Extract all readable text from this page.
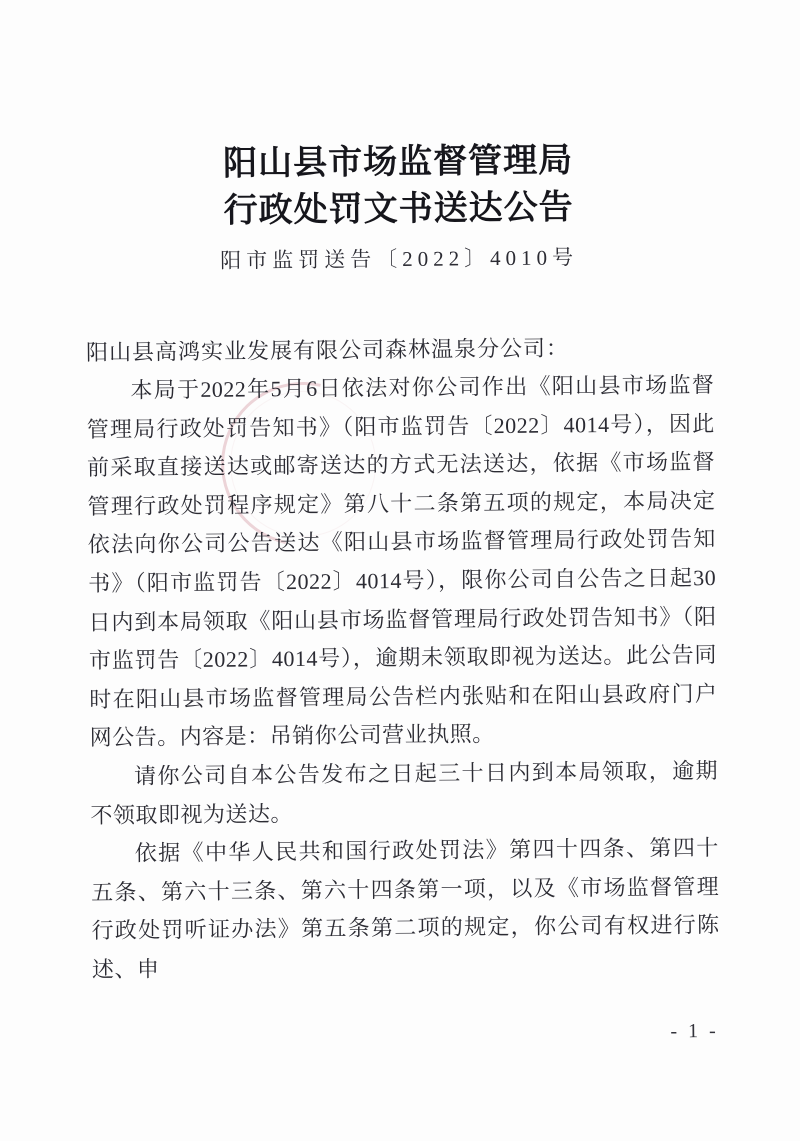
阳山县市场监督管理局
行政处罚文书送达公告
阳市监罚送告〔2022〕4010号
阳山县高鸿实业发展有限公司森林温泉分公司：

本局于2022年5月6日依法对你公司作出《阳山县市场监督管理局行政处罚告知书》（阳市监罚告〔2022〕4014号），因此前采取直接送达或邮寄送达的方式无法送达，依据《市场监督管理行政处罚程序规定》第八十二条第五项的规定，本局决定依法向你公司公告送达《阳山县市场监督管理局行政处罚告知书》（阳市监罚告〔2022〕4014号），限你公司自公告之日起30日内到本局领取《阳山县市场监督管理局行政处罚告知书》（阳市监罚告〔2022〕4014号），逾期未领取即视为送达。此公告同时在阳山县市场监督管理局公告栏内张贴和在阳山县政府门户网公告。内容是：吊销你公司营业执照。

请你公司自本公告发布之日起三十日内到本局领取，逾期不领取即视为送达。

依据《中华人民共和国行政处罚法》第四十四条、第四十五条、第六十三条、第六十四条第一项，以及《市场监督管理行政处罚听证办法》第五条第二项的规定，你公司有权进行陈述、申

- 1 -
